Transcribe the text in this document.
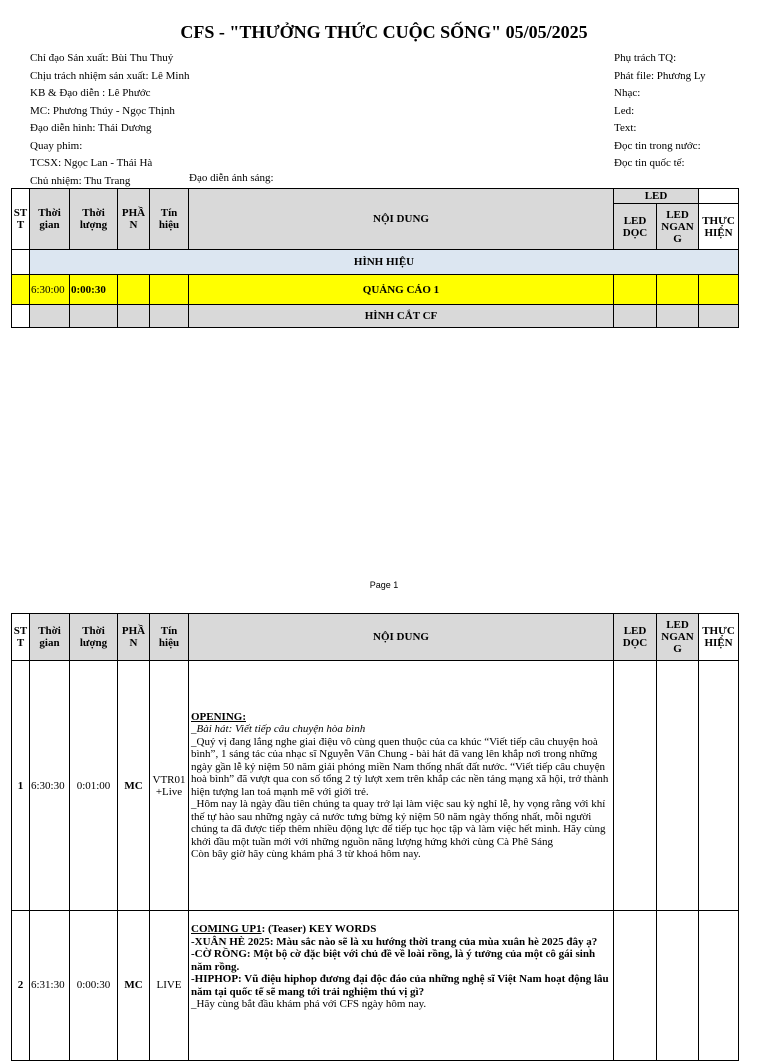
CFS - "THƯỞNG THỨC CUỘC SỐNG" 05/05/2025
Chỉ đạo Sản xuất: Bùi Thu Thuỷ
Chịu trách nhiệm sản xuất: Lê Minh
KB & Đạo diễn : Lê Phước
MC: Phương Thúy - Ngọc Thịnh
Đạo diễn hình: Thái Dương
Quay phim:
TCSX: Ngọc Lan - Thái Hà
Chủ nhiệm: Thu Trang	Đạo diễn ánh sáng:
Phụ trách TQ:
Phát file: Phương Ly
Nhạc:
Led:
Text:
Đọc tin trong nước:
Đọc tin quốc tế:
ST T	Thời gian	Thời lượng	PHẦ N	Tín hiệu	NỘI DUNG	LED		
						LED DỌC	LED NGAN G	THỰC HIỆN
	HÌNH HIỆU							
	6:30:00	0:00:30			QUẢNG CÁO 1			
					HÌNH CẮT CF			
Page 1
ST T	Thời gian	Thời lượng	PHẦ N	Tín hiệu	NỘI DUNG	LED DỌC	LED NGAN G	THỰC HIỆN
1	6:30:30	0:01:00	MC	VTR01 +Live	OPENING:
_Bài hát: Viết tiếp câu chuyện hòa bình
_Quý vị đang lắng nghe giai điệu vô cùng quen thuộc của ca khúc “Viết tiếp câu chuyện hoà bình”, 1 sáng tác của nhạc sĩ Nguyễn Văn Chung - bài hát đã vang lên khắp nơi trong những ngày gần lễ kỷ niệm 50 năm giải phóng miền Nam thống nhất đất nước. “Viết tiếp câu chuyện hoà bình” đã vượt qua con số tổng 2 tỷ lượt xem trên khắp các nền tảng mạng xã hội, trở thành hiện tượng lan toả mạnh mẽ với giới trẻ.
_Hôm nay là ngày đầu tiên chúng ta quay trở lại làm việc sau kỳ nghỉ lễ, hy vọng rằng với khí thế tự hào sau những ngày cả nước tưng bừng kỷ niệm 50 năm ngày thống nhất, mỗi người chúng ta đã được tiếp thêm nhiều động lực để tiếp tục học tập và làm việc hết mình. Hãy cùng khởi đầu một tuần mới với những nguồn năng lượng hứng khởi cùng Cà Phê Sáng
Còn bây giờ hãy cùng khám phá 3 từ khoá hôm nay.			

2	6:31:30	0:00:30	MC	LIVE	COMING UP1: (Teaser) KEY WORDS
-XUÂN HÈ 2025: Màu sắc nào sẽ là xu hướng thời trang của mùa xuân hè 2025 đây ạ?
-CỜ RỒNG: Một bộ cờ đặc biệt với chủ đề về loài rồng, là ý tưởng của một cô gái sinh năm rồng.
-HIPHOP: Vũ điệu hiphop đương đại độc đáo của những nghệ sĩ Việt Nam hoạt động lâu năm tại quốc tế sẽ mang tới trải nghiệm thú vị gì?
_Hãy cùng bắt đầu khám phá với CFS ngày hôm nay.			
